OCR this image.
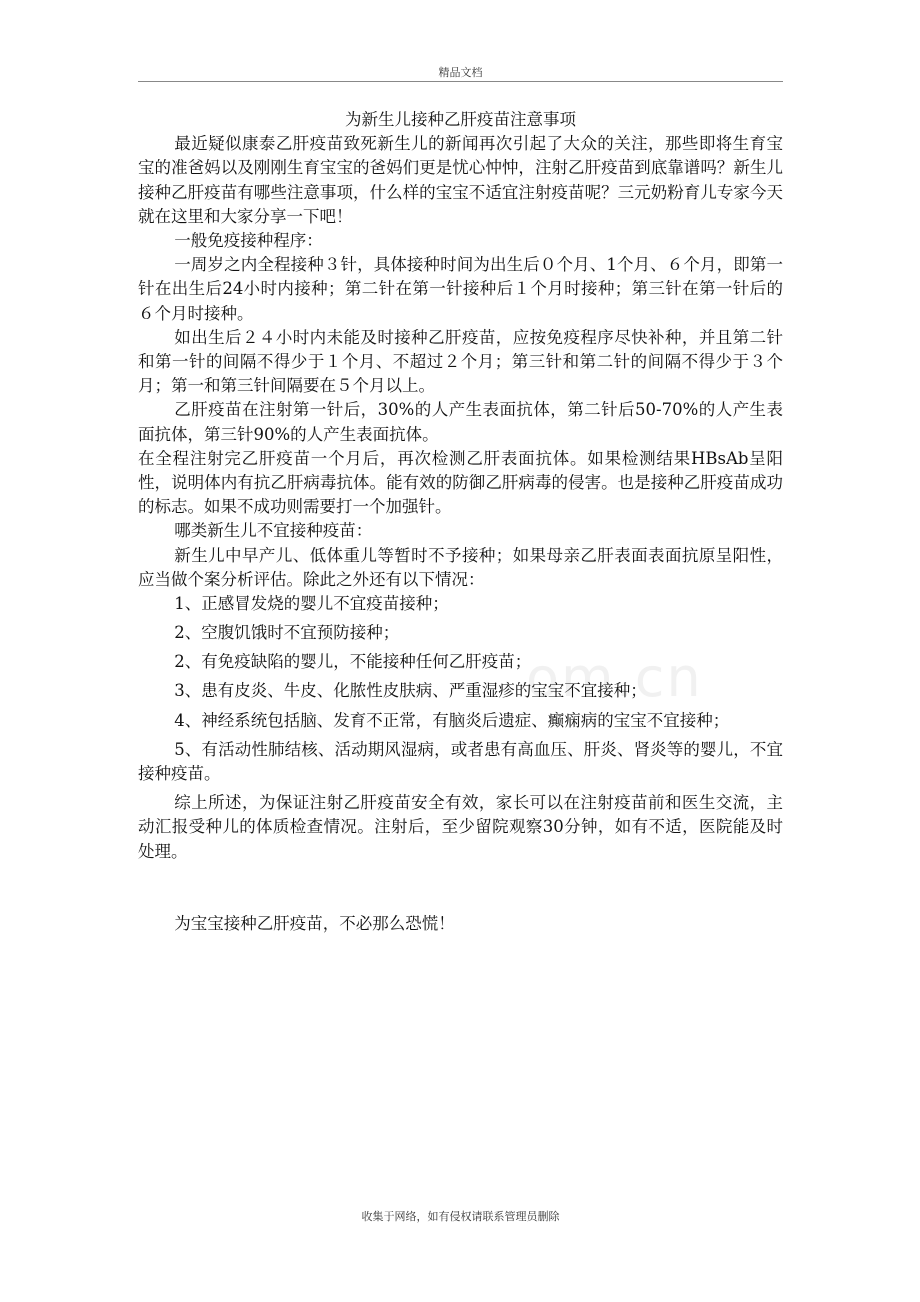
精品文档
om.cn
为新生儿接种乙肝疫苗注意事项

最近疑似康泰乙肝疫苗致死新生儿的新闻再次引起了大众的关注，那些即将生育宝宝的准爸妈以及刚刚生育宝宝的爸妈们更是忧心忡忡，注射乙肝疫苗到底靠谱吗？新生儿接种乙肝疫苗有哪些注意事项，什么样的宝宝不适宜注射疫苗呢？三元奶粉育儿专家今天就在这里和大家分享一下吧！

一般免疫接种程序：

一周岁之内全程接种３针，具体接种时间为出生后０个月、1个月、６个月，即第一针在出生后24小时内接种；第二针在第一针接种后１个月时接种；第三针在第一针后的６个月时接种。

如出生后２４小时内未能及时接种乙肝疫苗，应按免疫程序尽快补种，并且第二针和第一针的间隔不得少于１个月、不超过２个月；第三针和第二针的间隔不得少于３个月；第一和第三针间隔要在５个月以上。

乙肝疫苗在注射第一针后，30%的人产生表面抗体，第二针后50-70%的人产生表面抗体，第三针90%的人产生表面抗体。

在全程注射完乙肝疫苗一个月后，再次检测乙肝表面抗体。如果检测结果HBsAb呈阳性，说明体内有抗乙肝病毒抗体。能有效的防御乙肝病毒的侵害。也是接种乙肝疫苗成功的标志。如果不成功则需要打一个加强针。

哪类新生儿不宜接种疫苗：

新生儿中早产儿、低体重儿等暂时不予接种；如果母亲乙肝表面表面抗原呈阳性，应当做个案分析评估。除此之外还有以下情况：

1、正感冒发烧的婴儿不宜疫苗接种；

2、空腹饥饿时不宜预防接种；

2、有免疫缺陷的婴儿，不能接种任何乙肝疫苗；

3、患有皮炎、牛皮、化脓性皮肤病、严重湿疹的宝宝不宜接种；

4、神经系统包括脑、发育不正常，有脑炎后遗症、癫痫病的宝宝不宜接种；

5、有活动性肺结核、活动期风湿病，或者患有高血压、肝炎、肾炎等的婴儿，不宜接种疫苗。

综上所述，为保证注射乙肝疫苗安全有效，家长可以在注射疫苗前和医生交流，主动汇报受种儿的体质检查情况。注射后，至少留院观察30分钟，如有不适，医院能及时处理。

为宝宝接种乙肝疫苗，不必那么恐慌！

收集于网络，如有侵权请联系管理员删除
